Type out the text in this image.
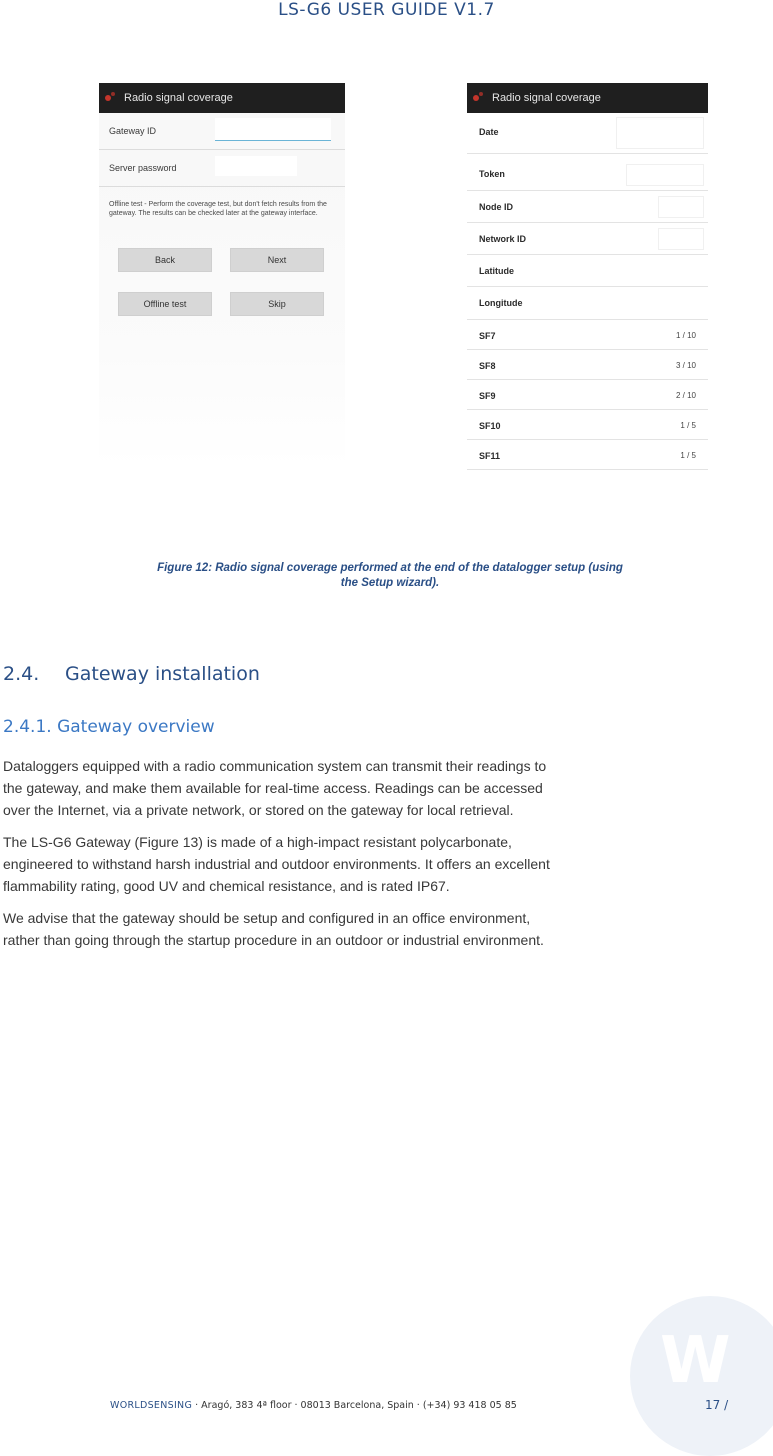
LS-G6 USER GUIDE V1.7
Radio signal coverage
Gateway ID
Server password
Offline test - Perform the coverage test, but don't fetch results from the gateway. The results can be checked later at the gateway interface.
Back	Next
Offline test	Skip
Radio signal coverage
Date
Token
Node ID
Network ID
Latitude
Longitude
SF7	1 / 10
SF8	3 / 10
SF9	2 / 10
SF10	1 / 5
SF11	1 / 5
Figure 12: Radio signal coverage performed at the end of the datalogger setup (using
the Setup wizard).
2.4. Gateway installation
2.4.1. Gateway overview

Dataloggers equipped with a radio communication system can transmit their readings to

the gateway, and make them available for real-time access. Readings can be accessed

over the Internet, via a private network, or stored on the gateway for local retrieval.

The LS-G6 Gateway (Figure 13) is made of a high-impact resistant polycarbonate,

engineered to withstand harsh industrial and outdoor environments. It offers an excellent

flammability rating, good UV and chemical resistance, and is rated IP67.

We advise that the gateway should be setup and configured in an office environment,

rather than going through the startup procedure in an outdoor or industrial environment.

W
WORLDSENSING · Aragó, 383 4ª floor · 08013 Barcelona, Spain · (+34) 93 418 05 85	17 /
